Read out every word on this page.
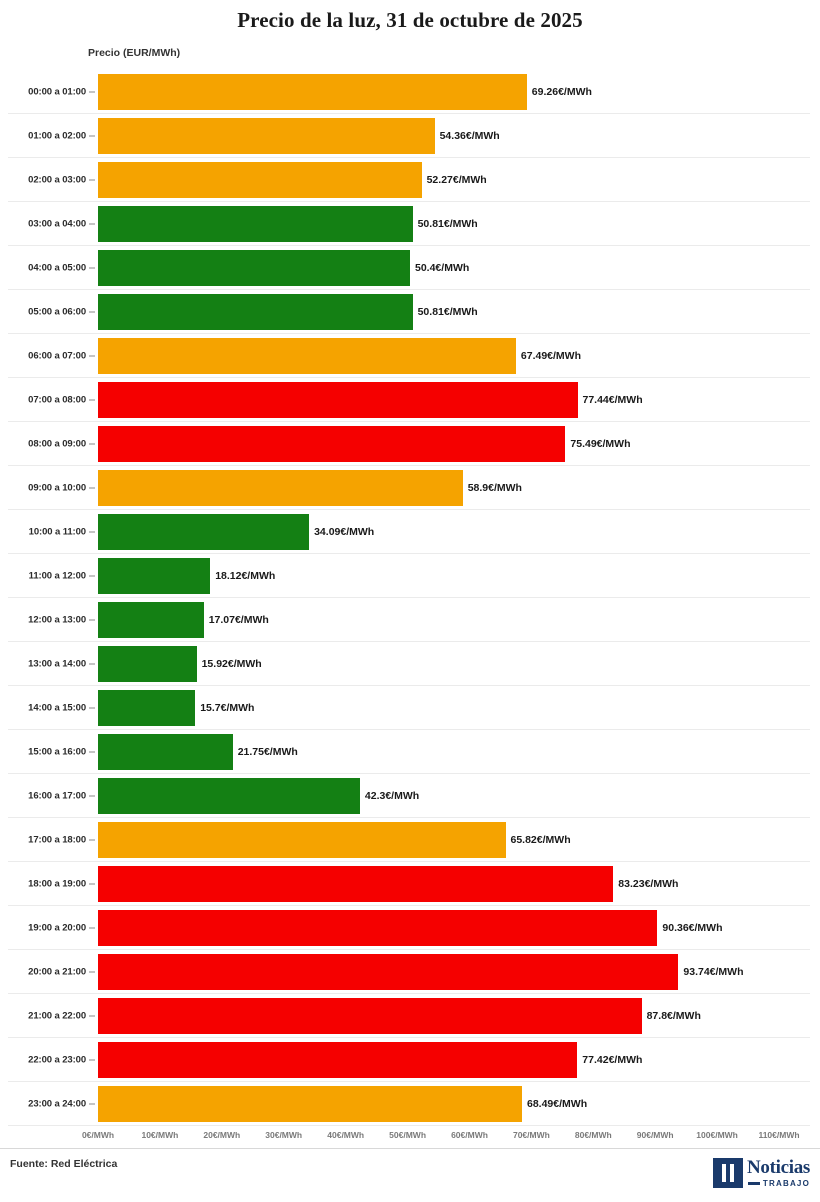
Precio de la luz, 31 de octubre de 2025
Precio (EUR/MWh)
00:00 a 01:00	69.26€/MWh
01:00 a 02:00	54.36€/MWh
02:00 a 03:00	52.27€/MWh
03:00 a 04:00	50.81€/MWh
04:00 a 05:00	50.4€/MWh
05:00 a 06:00	50.81€/MWh
06:00 a 07:00	67.49€/MWh
07:00 a 08:00	77.44€/MWh
08:00 a 09:00	75.49€/MWh
09:00 a 10:00	58.9€/MWh
10:00 a 11:00	34.09€/MWh
11:00 a 12:00	18.12€/MWh
12:00 a 13:00	17.07€/MWh
13:00 a 14:00	15.92€/MWh
14:00 a 15:00	15.7€/MWh
15:00 a 16:00	21.75€/MWh
16:00 a 17:00	42.3€/MWh
17:00 a 18:00	65.82€/MWh
18:00 a 19:00	83.23€/MWh
19:00 a 20:00	90.36€/MWh
20:00 a 21:00	93.74€/MWh
21:00 a 22:00	87.8€/MWh
22:00 a 23:00	77.42€/MWh
23:00 a 24:00	68.49€/MWh
0€/MWh	10€/MWh	20€/MWh	30€/MWh	40€/MWh	50€/MWh	60€/MWh	70€/MWh	80€/MWh	90€/MWh	100€/MWh 110€/MWh
Fuente: Red Eléctrica	Noticias
TRABAJO
